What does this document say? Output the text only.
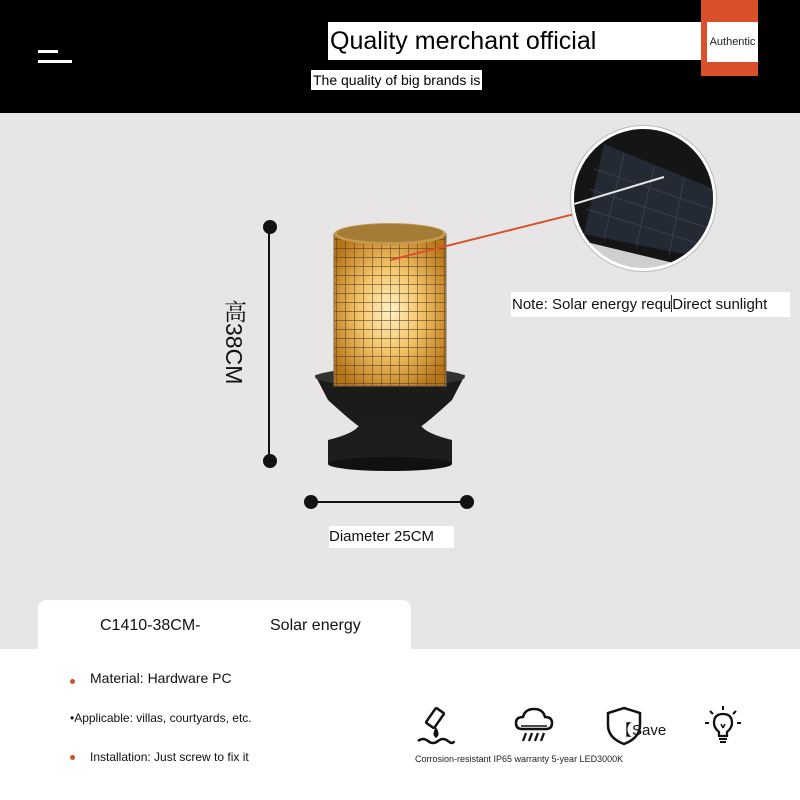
Quality merchant official
The quality of big brands is
Authentic
高38CM
Diameter 25CM
Note: Solar energy requDirect sunlight
C1410-38CM-	Solar energy
Material: Hardware PC
•Applicable: villas, courtyards, etc.
Installation: Just screw to fix it
【Save
Corrosion-resistant IP65 warranty 5-year LED3000K
